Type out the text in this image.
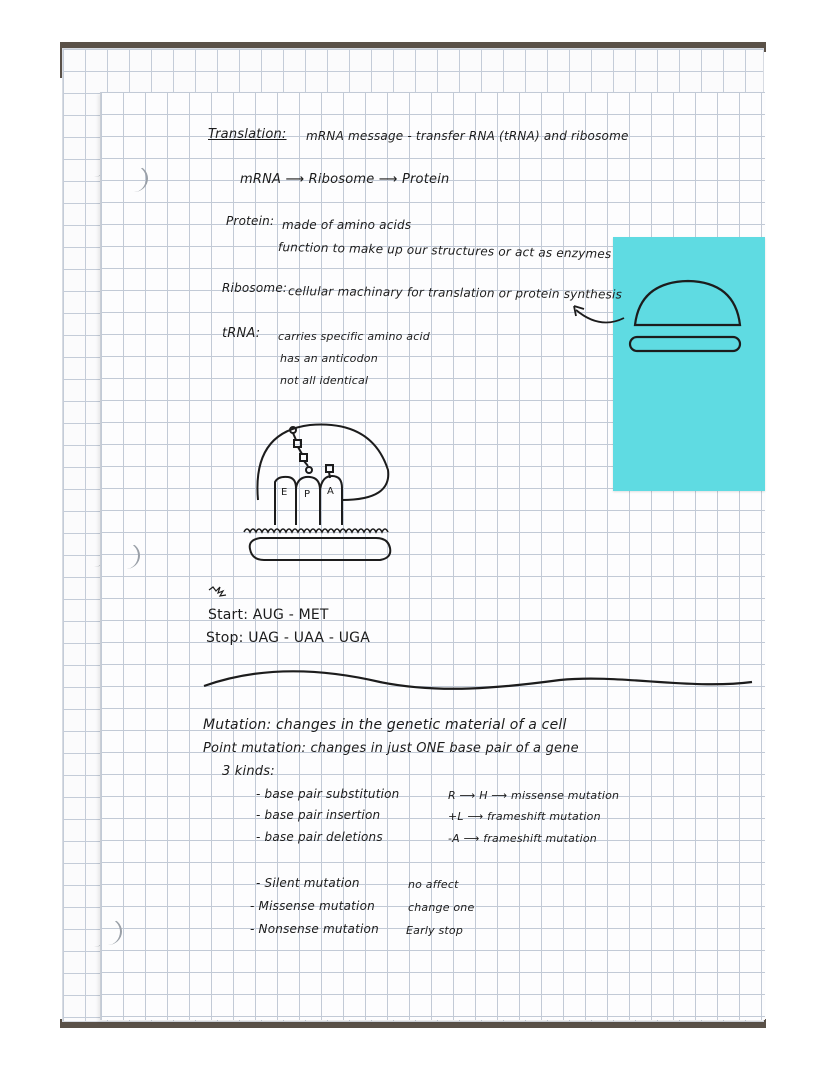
Translation: mRNA message - transfer RNA (tRNA) and ribosome
mRNA ⟶ Ribosome ⟶ Protein
Protein: made of amino acids
function to make up our structures or act as enzymes
Ribosome: cellular machinary for translation or protein synthesis
tRNA: carries specific amino acid
has an anticodon
not all identical
E P A
Start: AUG - MET
Stop: UAG - UAA - UGA
Mutation: changes in the genetic material of a cell
Point mutation: changes in just ONE base pair of a gene
3 kinds:
- base pair substitution
- base pair insertion
- base pair deletions
R ⟶ H ⟶ missense mutation
+L ⟶ frameshift mutation
-A ⟶ frameshift mutation
- Silent mutation
- Missense mutation
- Nonsense mutation
no affect
change one
Early stop
